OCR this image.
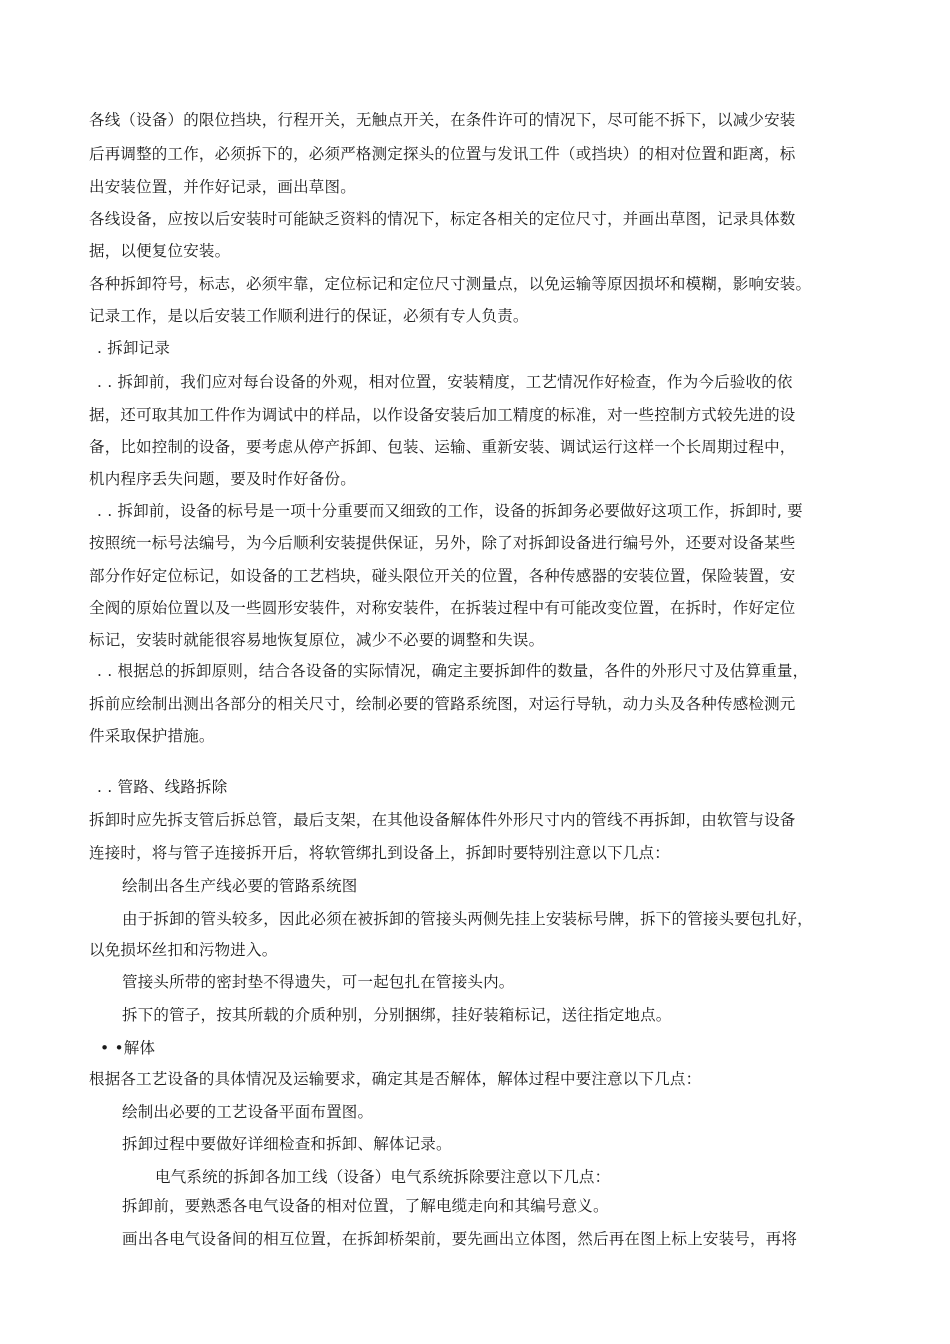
各线（设备）的限位挡块，行程开关，无触点开关，在条件许可的情况下，尽可能不拆下，以减少安装
后再调整的工作，必须拆下的，必须严格测定探头的位置与发讯工件（或挡块）的相对位置和距离，标
出安装位置，并作好记录，画出草图。
各线设备，应按以后安装时可能缺乏资料的情况下，标定各相关的定位尺寸，并画出草图，记录具体数
据，以便复位安装。
各种拆卸符号，标志，必须牢靠，定位标记和定位尺寸测量点，以免运输等原因损坏和模糊，影响安装。
记录工作，是以后安装工作顺利进行的保证，必须有专人负责。
. 拆卸记录
. . 拆卸前，我们应对每台设备的外观，相对位置，安装精度，工艺情况作好检查，作为今后验收的依
据，还可取其加工件作为调试中的样品，以作设备安装后加工精度的标准，对一些控制方式较先进的设
备，比如控制的设备，要考虑从停产拆卸、包装、运输、重新安装、调试运行这样一个长周期过程中，
机内程序丢失问题，要及时作好备份。
. . 拆卸前，设备的标号是一项十分重要而又细致的工作，设备的拆卸务必要做好这项工作，拆卸时, 要
按照统一标号法编号，为今后顺利安装提供保证，另外，除了对拆卸设备进行编号外，还要对设备某些
部分作好定位标记，如设备的工艺档块，碰头限位开关的位置，各种传感器的安装位置，保险装置，安
全阀的原始位置以及一些圆形安装件，对称安装件，在拆装过程中有可能改变位置，在拆时，作好定位
标记，安装时就能很容易地恢复原位，减少不必要的调整和失误。
. . 根据总的拆卸原则，结合各设备的实际情况，确定主要拆卸件的数量，各件的外形尺寸及估算重量，
拆前应绘制出测出各部分的相关尺寸，绘制必要的管路系统图，对运行导轨，动力头及各种传感检测元
件采取保护措施。
. . 管路、线路拆除
拆卸时应先拆支管后拆总管，最后支架，在其他设备解体件外形尺寸内的管线不再拆卸，由软管与设备
连接时，将与管子连接拆开后，将软管绑扎到设备上，拆卸时要特别注意以下几点：
绘制出各生产线必要的管路系统图
由于拆卸的管头较多，因此必须在被拆卸的管接头两侧先挂上安装标号牌，拆下的管接头要包扎好，
以免损坏丝扣和污物进入。
管接头所带的密封垫不得遗失，可一起包扎在管接头内。
拆下的管子，按其所载的介质种别，分别捆绑，挂好装箱标记，送往指定地点。
• •解体
根据各工艺设备的具体情况及运输要求，确定其是否解体，解体过程中要注意以下几点：
绘制出必要的工艺设备平面布置图。
拆卸过程中要做好详细检查和拆卸、解体记录。
电气系统的拆卸各加工线（设备）电气系统拆除要注意以下几点：
拆卸前，要熟悉各电气设备的相对位置，了解电缆走向和其编号意义。
画出各电气设备间的相互位置，在拆卸桥架前，要先画出立体图，然后再在图上标上安装号，再将
